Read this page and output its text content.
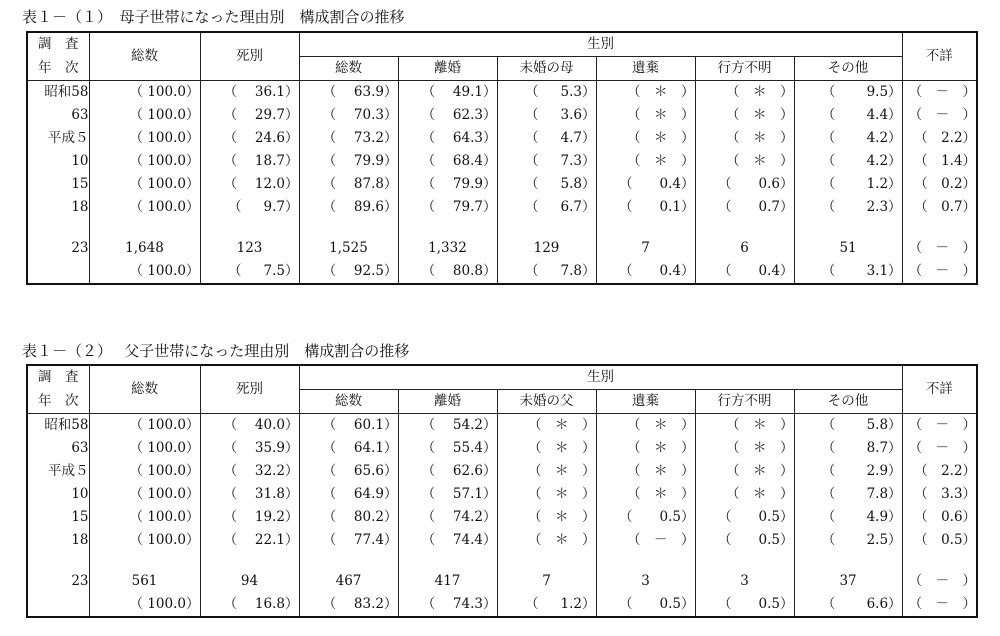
表１－（１）　母子世帯になった理由別　構成割合の推移
調　査	総数	死別	生別						不詳
年　次			総数	離婚	未婚の母	遺棄	行方不明	その他	
昭和58	（ 100.0）	（　 36.1）	（　 63.9）	（　 49.1）	（　  5.3）	（　＊　）	（　＊　）	（　　 9.5）	（　－　）
63	（ 100.0）	（　 29.7）	（　 70.3）	（　 62.3）	（　  3.6）	（　＊　）	（　＊　）	（　　 4.4）	（　－　）
平成５	（ 100.0）	（　 24.6）	（　 73.2）	（　 64.3）	（　  4.7）	（　＊　）	（　＊　）	（　　 4.2）	（　2.2）
10	（ 100.0）	（　 18.7）	（　 79.9）	（　 68.4）	（　  7.3）	（　＊　）	（　＊　）	（　　 4.2）	（　1.4）
15	（ 100.0）	（　 12.0）	（　 87.8）	（　 79.9）	（　  5.8）	（　　0.4）	（　　0.6）	（　　 1.2）	（　0.2）
18	（ 100.0）	（　  9.7）	（　 89.6）	（　 79.7）	（　  6.7）	（　　0.1）	（　　0.7）	（　　 2.3）	（　0.7）

23	1,648	123	1,525	1,332	129	7	6	51	（　－　）
	（ 100.0）	（　  7.5）	（　 92.5）	（　 80.8）	（　  7.8）	（　　0.4）	（　　0.4）	（　　 3.1）	（　－　）
表１－（２）　 父子世帯になった理由別　構成割合の推移
調　査	総数	死別	生別						不詳
年　次			総数	離婚	未婚の父	遺棄	行方不明	その他	
昭和58	（ 100.0）	（　 40.0）	（　 60.1）	（　 54.2）	（　＊　）	（　＊　）	（　＊　）	（　　 5.8）	（　－　）
63	（ 100.0）	（　 35.9）	（　 64.1）	（　 55.4）	（　＊　）	（　＊　）	（　＊　）	（　　 8.7）	（　－　）
平成５	（ 100.0）	（　 32.2）	（　 65.6）	（　 62.6）	（　＊　）	（　＊　）	（　＊　）	（　　 2.9）	（　2.2）
10	（ 100.0）	（　 31.8）	（　 64.9）	（　 57.1）	（　＊　）	（　＊　）	（　＊　）	（　　 7.8）	（　3.3）
15	（ 100.0）	（　 19.2）	（　 80.2）	（　 74.2）	（　＊　）	（　　0.5）	（　　0.5）	（　　 4.9）	（　0.6）
18	（ 100.0）	（　 22.1）	（　 77.4）	（　 74.4）	（　＊　）	（　－　）	（　　0.5）	（　　 2.5）	（　0.5）

23	561	94	467	417	7	3	3	37	（　－　）
	（ 100.0）	（　 16.8）	（　 83.2）	（　 74.3）	（　  1.2）	（　　0.5）	（　　0.5）	（　　 6.6）	（　－　）
